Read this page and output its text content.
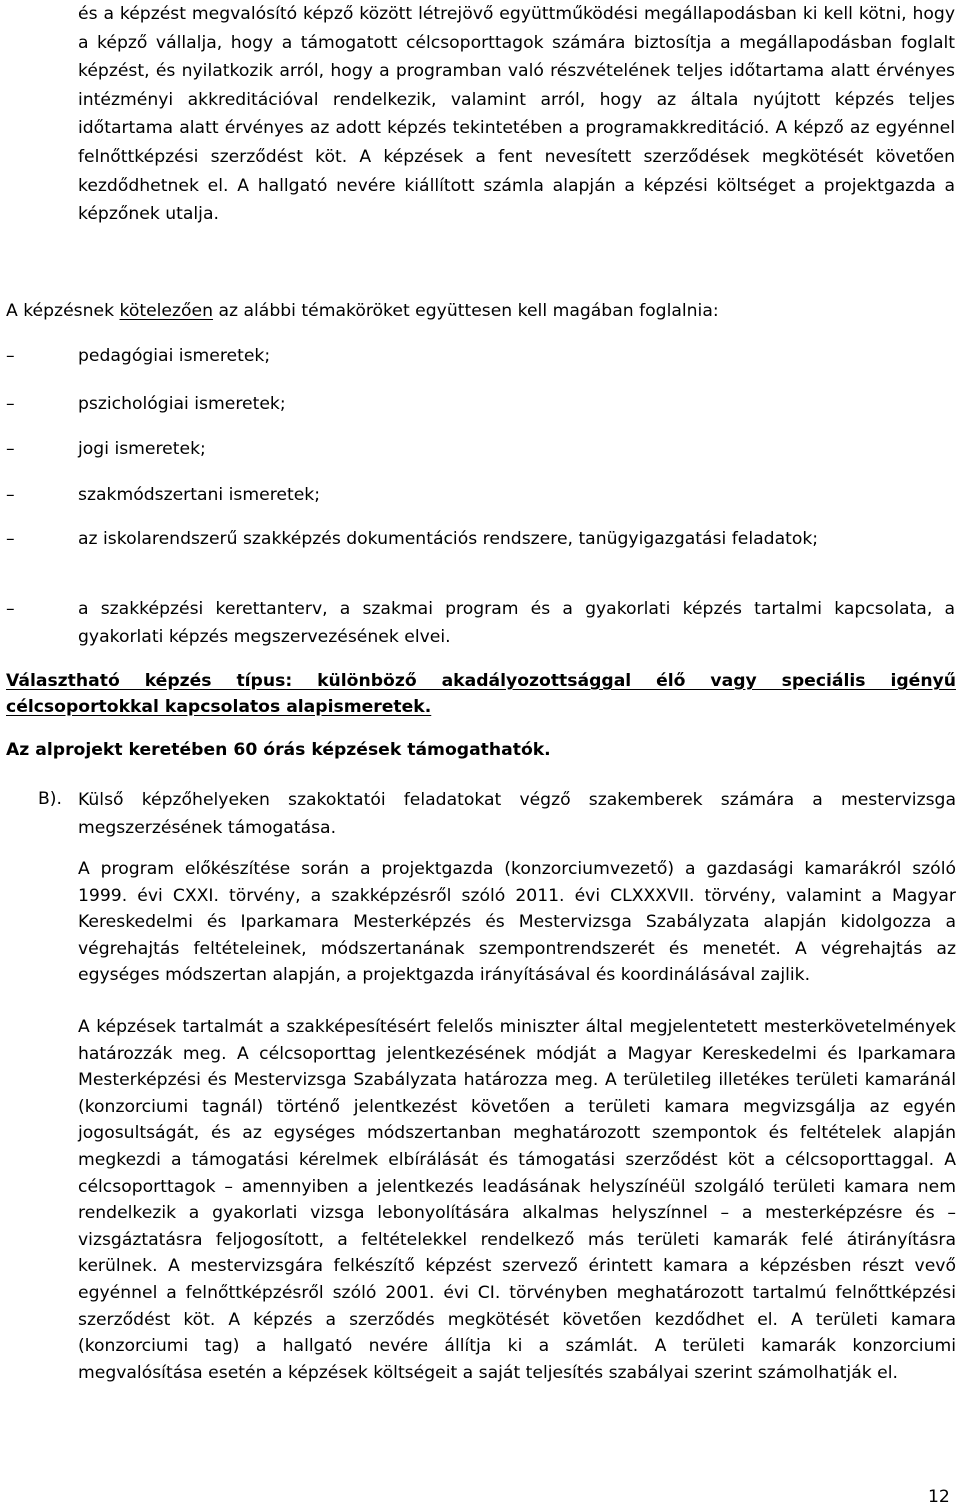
és a képzést megvalósító képző között létrejövő együttműködési megállapodásban ki kell kötni, hogy a képző vállalja, hogy a támogatott célcsoporttagok számára biztosítja a megállapodásban foglalt képzést, és nyilatkozik arról, hogy a programban való részvételének teljes időtartama alatt érvényes intézményi akkreditációval rendelkezik, valamint arról, hogy az általa nyújtott képzés teljes időtartama alatt érvényes az adott képzés tekintetében a programakkreditáció. A képző az egyénnel felnőttképzési szerződést köt. A képzések a fent nevesített szerződések megkötését követően kezdődhetnek el. A hallgató nevére kiállított számla alapján a képzési költséget a projektgazda a képzőnek utalja.

A képzésnek kötelezően az alábbi témaköröket együttesen kell magában foglalnia:

–	pedagógiai ismeretek;
–	pszichológiai ismeretek;
–	jogi ismeretek;
–	szakmódszertani ismeretek;
–	az iskolarendszerű szakképzés dokumentációs rendszere, tanügyigazgatási feladatok;
–	a szakképzési kerettanterv, a szakmai program és a gyakorlati képzés tartalmi kapcsolata, a gyakorlati képzés megszervezésének elvei.
Választható képzés típus: különböző akadályozottsággal élő vagy speciális igényű célcsoportokkal kapcsolatos alapismeretek.
Az alprojekt keretében 60 órás képzések támogathatók.
B). Külső képzőhelyeken szakoktatói feladatokat végző szakemberek számára a mestervizsga megszerzésének támogatása.

A program előkészítése során a projektgazda (konzorciumvezető) a gazdasági kamarákról szóló 1999. évi CXXI. törvény, a szakképzésről szóló 2011. évi CLXXXVII. törvény, valamint a Magyar Kereskedelmi és Iparkamara Mesterképzés és Mestervizsga Szabályzata alapján kidolgozza a végrehajtás feltételeinek, módszertanának szempontrendszerét és menetét. A végrehajtás az egységes módszertan alapján, a projektgazda irányításával és koordinálásával zajlik.

A képzések tartalmát a szakképesítésért felelős miniszter által megjelentetett mesterkövetelmények határozzák meg. A célcsoporttag jelentkezésének módját a Magyar Kereskedelmi és Iparkamara Mesterképzési és Mestervizsga Szabályzata határozza meg. A területileg illetékes területi kamaránál (konzorciumi tagnál) történő jelentkezést követően a területi kamara megvizsgálja az egyén jogosultságát, és az egységes módszertanban meghatározott szempontok és feltételek alapján megkezdi a támogatási kérelmek elbírálását és támogatási szerződést köt a célcsoporttaggal. A célcsoporttagok – amennyiben a jelentkezés leadásának helyszínéül szolgáló területi kamara nem rendelkezik a gyakorlati vizsga lebonyolítására alkalmas helyszínnel – a mesterképzésre és –vizsgáztatásra feljogosított, a feltételekkel rendelkező más területi kamarák felé átirányításra kerülnek. A mestervizsgára felkészítő képzést szervező érintett kamara a képzésben részt vevő egyénnel a felnőttképzésről szóló 2001. évi CI. törvényben meghatározott tartalmú felnőttképzési szerződést köt. A képzés a szerződés megkötését követően kezdődhet el. A területi kamara (konzorciumi tag) a hallgató nevére állítja ki a számlát. A területi kamarák konzorciumi megvalósítása esetén a képzések költségeit a saját teljesítés szabályai szerint számolhatják el.

12
